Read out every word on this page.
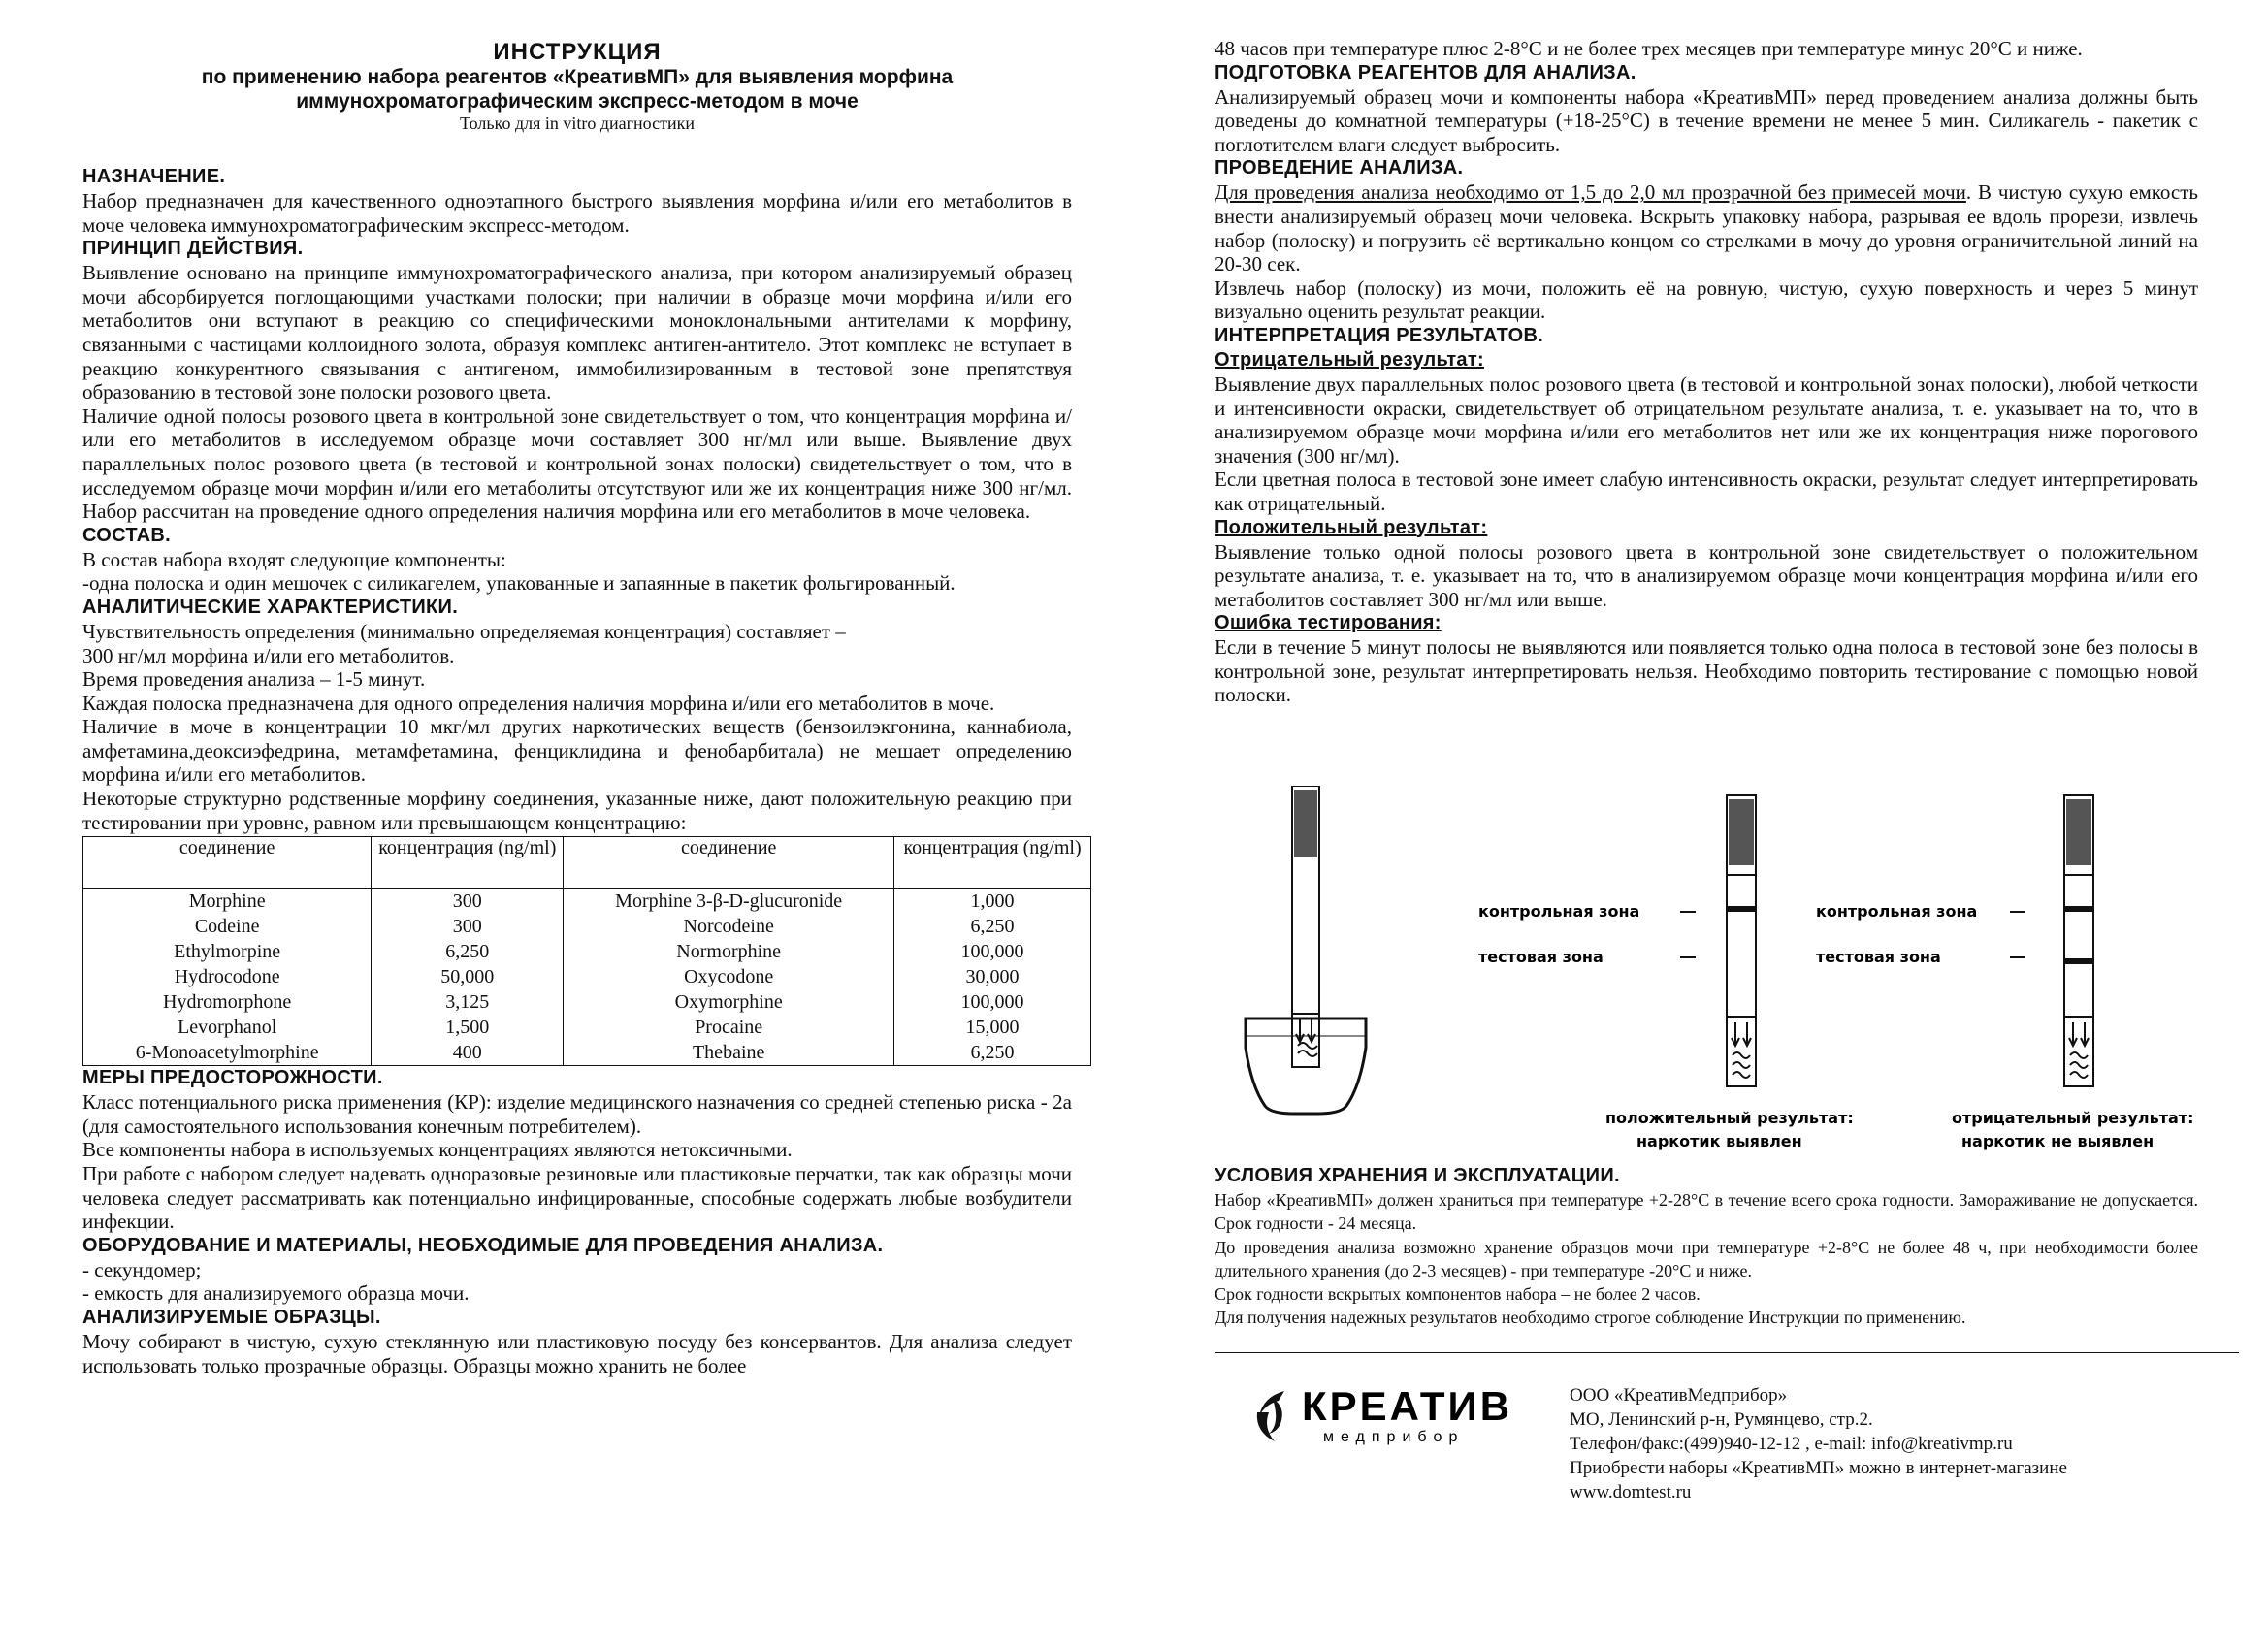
ИНСТРУКЦИЯ
по применению набора реагентов «КреативМП» для выявления морфина
иммунохроматографическим экспресс-методом в моче
Только для in vitro диагностики

НАЗНАЧЕНИЕ.

Набор предназначен для качественного одноэтапного быстрого выявления морфина и/или его метаболитов в моче человека иммунохроматографическим экспресс-методом.

ПРИНЦИП ДЕЙСТВИЯ.

Выявление основано на принципе иммунохроматографического анализа, при котором анализируемый образец мочи абсорбируется поглощающими участками полоски; при наличии в образце мочи морфина и/или его метаболитов они вступают в реакцию со специфическими моноклональными антителами к морфину, связанными с частицами коллоидного золота, образуя комплекс антиген-антитело. Этот комплекс не вступает в реакцию конкурентного связывания с антигеном, иммобилизированным в тестовой зоне препятствуя образованию в тестовой зоне полоски розового цвета.

Наличие одной полосы розового цвета в контрольной зоне свидетельствует о том, что концентрация морфина и/или его метаболитов в исследуемом образце мочи составляет 300 нг/мл или выше. Выявление двух параллельных полос розового цвета (в тестовой и контрольной зонах полоски) свидетельствует о том, что в исследуемом образце мочи морфин и/или его метаболиты отсутствуют или же их концентрация ниже 300 нг/мл. Набор рассчитан на проведение одного определения наличия морфина или его метаболитов в моче человека.

СОСТАВ.

В состав набора входят следующие компоненты:

-одна полоска и один мешочек с силикагелем, упакованные и запаянные в пакетик фольгированный.

АНАЛИТИЧЕСКИЕ ХАРАКТЕРИСТИКИ.

Чувствительность определения (минимально определяемая концентрация) составляет –

300 нг/мл морфина и/или его метаболитов.

Время проведения анализа – 1-5 минут.

Каждая полоска предназначена для одного определения наличия морфина и/или его метаболитов в моче.

Наличие в моче в концентрации 10 мкг/мл других наркотических веществ (бензоилэкгонина, каннабиола, амфетамина,деоксиэфедрина, метамфетамина, фенциклидина и фенобарбитала) не мешает определению морфина и/или его метаболитов.

Некоторые структурно родственные морфину соединения, указанные ниже, дают положительную реакцию при тестировании при уровне, равном или превышающем концентрацию:

соединение	концентрация (ng/ml)	соединение	концентрация (ng/ml)
Morphine	300	Morphine 3-β-D-glucuronide	1,000
Codeine	300	Norcodeine	6,250
Ethylmorpine	6,250	Normorphine	100,000
Hydrocodone	50,000	Oxycodone	30,000
Hydromorphone	3,125	Oxymorphine	100,000
Levorphanol	1,500	Procaine	15,000
6-Monoacetylmorphine	400	Thebaine	6,250

МЕРЫ ПРЕДОСТОРОЖНОСТИ.

Класс потенциального риска применения (КР): изделие медицинского назначения со средней степенью риска - 2а (для самостоятельного использования конечным потребителем).

Все компоненты набора в используемых концентрациях являются нетоксичными.

При работе с набором следует надевать одноразовые резиновые или пластиковые перчатки, так как образцы мочи человека следует рассматривать как потенциально инфицированные, способные содержать любые возбудители инфекции.

ОБОРУДОВАНИЕ И МАТЕРИАЛЫ, НЕОБХОДИМЫЕ ДЛЯ ПРОВЕДЕНИЯ АНАЛИЗА.

- секундомер;

- емкость для анализируемого образца мочи.

АНАЛИЗИРУЕМЫЕ ОБРАЗЦЫ.

Мочу собирают в чистую, сухую стеклянную или пластиковую посуду без консервантов. Для анализа следует использовать только прозрачные образцы. Образцы можно хранить не более

48 часов при температуре плюс 2-8°С и не более трех месяцев при температуре минус 20°С и ниже.

ПОДГОТОВКА РЕАГЕНТОВ ДЛЯ АНАЛИЗА.

Анализируемый образец мочи и компоненты набора «КреативМП» перед проведением анализа должны быть доведены до комнатной температуры (+18-25°С) в течение времени не менее 5 мин. Силикагель - пакетик с поглотителем влаги следует выбросить.

ПРОВЕДЕНИЕ АНАЛИЗА.

Для проведения анализа необходимо от 1,5 до 2,0 мл прозрачной без примесей мочи. В чистую сухую емкость внести анализируемый образец мочи человека. Вскрыть упаковку набора, разрывая ее вдоль прорези, извлечь набор (полоску) и погрузить её вертикально концом со стрелками в мочу до уровня ограничительной линий на 20-30 сек.

Извлечь набор (полоску) из мочи, положить её на ровную, чистую, сухую поверхность и через 5 минут визуально оценить результат реакции.

ИНТЕРПРЕТАЦИЯ РЕЗУЛЬТАТОВ.

Отрицательный результат:

Выявление двух параллельных полос розового цвета (в тестовой и контрольной зонах полоски), любой четкости и интенсивности окраски, свидетельствует об отрицательном результате анализа, т. е. указывает на то, что в анализируемом образце мочи морфина и/или его метаболитов нет или же их концентрация ниже порогового значения (300 нг/мл).

Если цветная полоса в тестовой зоне имеет слабую интенсивность окраски, результат следует интерпретировать как отрицательный.

Положительный результат:

Выявление только одной полосы розового цвета в контрольной зоне свидетельствует о положительном результате анализа, т. е. указывает на то, что в анализируемом образце мочи концентрация морфина и/или его метаболитов составляет 300 нг/мл или выше.

Ошибка тестирования:

Если в течение 5 минут полосы не выявляются или появляется только одна полоса в тестовой зоне без полосы в контрольной зоне, результат интерпретировать нельзя. Необходимо повторить тестирование с помощью новой полоски.

контрольная зона
тестовая зона
контрольная зона
тестовая зона
положительный результат:
наркотик выявлен
отрицательный результат:
наркотик не выявлен

УСЛОВИЯ ХРАНЕНИЯ И ЭКСПЛУАТАЦИИ.

Набор «КреативМП» должен храниться при температуре +2-28°С в течение всего срока годности. Замораживание не допускается. Срок годности - 24 месяца.

До проведения анализа возможно хранение образцов мочи при температуре +2-8°С не более 48 ч, при необходимости более длительного хранения (до 2-3 месяцев) - при температуре -20°С и ниже.

Срок годности вскрытых компонентов набора – не более 2 часов.

Для получения надежных результатов необходимо строгое соблюдение Инструкции по применению.

КРЕАТИВ
медприбор
ООО «КреативМедприбор»
МО, Ленинский р-н, Румянцево, стр.2.
Телефон/факс:(499)940-12-12 , e-mail: info@kreativmp.ru
Приобрести наборы «КреативМП» можно в интернет-магазине
www.domtest.ru
